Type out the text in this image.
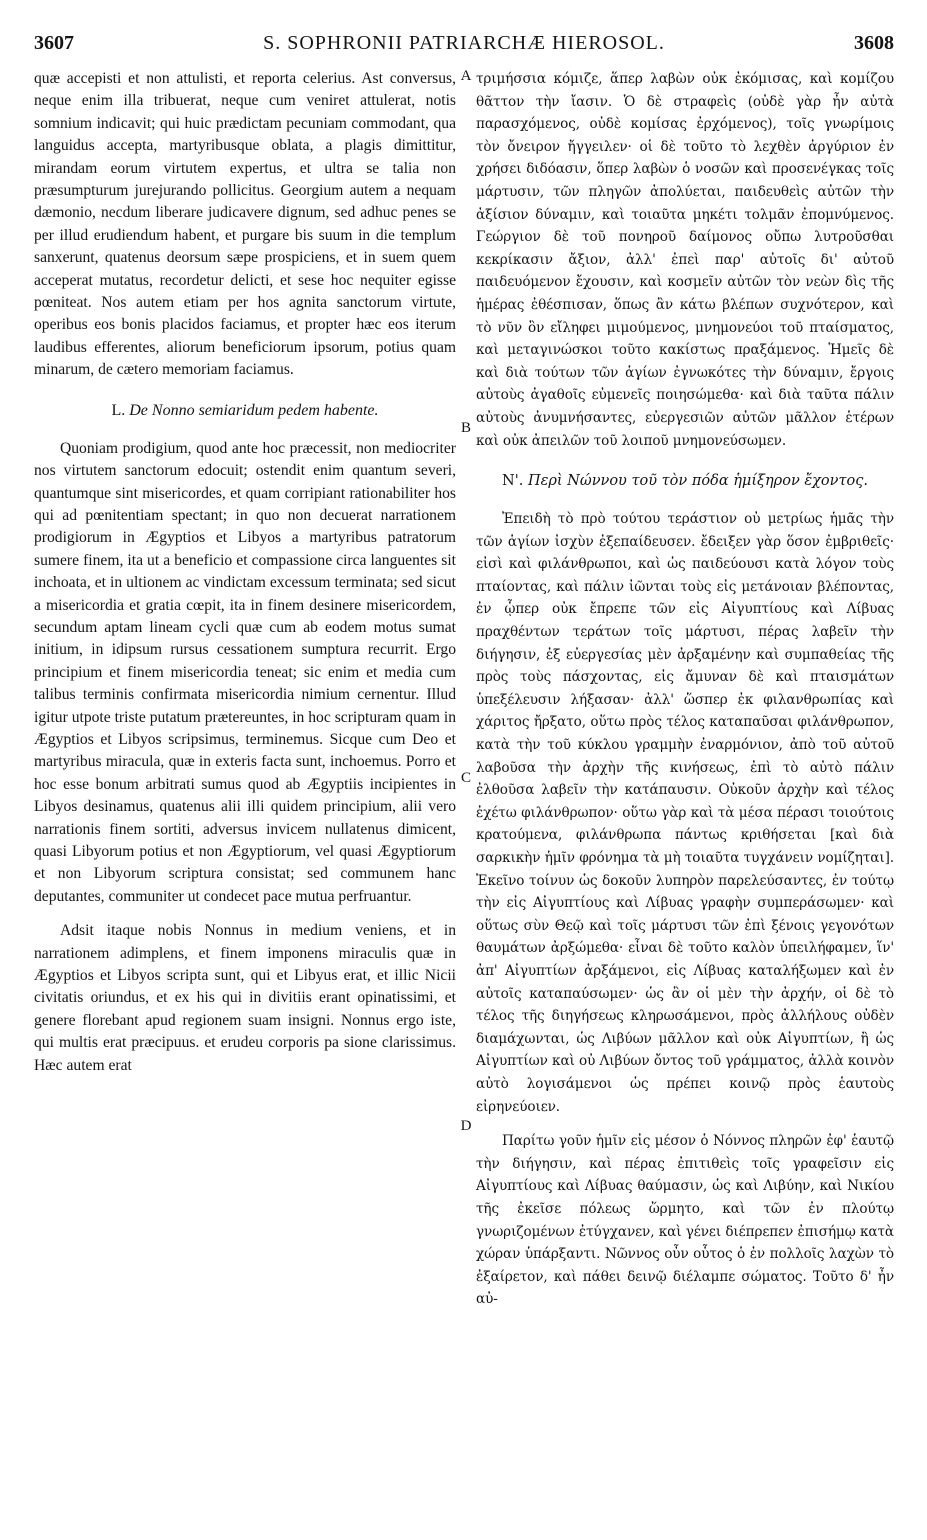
3607	S. SOPHRONII PATRIARCHÆ HIEROSOL.	3608
A
B
C
D

quæ accepisti et non attulisti, et reporta celerius. Ast conversus, neque enim illa tribuerat, neque cum veniret attulerat, notis somnium indicavit; qui huic prædictam pecuniam commodant, qua languidus accepta, martyribusque oblata, a plagis dimittitur, mirandam eorum virtutem expertus, et ultra se talia non præsumpturum jurejurando pollicitus. Georgium autem a nequam dæmonio, necdum liberare judicavere dignum, sed adhuc penes se per illud erudiendum habent, et purgare bis suum in die templum sanxerunt, quatenus deorsum sæpe prospiciens, et in suem quem acceperat mutatus, recordetur delicti, et sese hoc nequiter egisse pœniteat. Nos autem etiam per hos agnita sanctorum virtute, operibus eos bonis placidos faciamus, et propter hæc eos iterum laudibus efferentes, aliorum beneficiorum ipsorum, potius quam minarum, de cætero memoriam faciamus.

L. De Nonno semiaridum pedem habente.

Quoniam prodigium, quod ante hoc præcessit, non mediocriter nos virtutem sanctorum edocuit; ostendit enim quantum severi, quantumque sint misericordes, et quam corripiant rationabiliter hos qui ad pœnitentiam spectant; in quo non decuerat narrationem prodigiorum in Ægyptios et Libyos a martyribus patratorum sumere finem, ita ut a beneficio et compassione circa languentes sit inchoata, et in ultionem ac vindictam excessum terminata; sed sicut a misericordia et gratia cœpit, ita in finem desinere misericordem, secundum aptam lineam cycli quæ cum ab eodem motus sumat initium, in idipsum rursus cessationem sumptura recurrit. Ergo principium et finem misericordia teneat; sic enim et media cum talibus terminis confirmata misericordia nimium cernentur. Illud igitur utpote triste putatum prætereuntes, in hoc scripturam quam in Ægyptios et Libyos scripsimus, terminemus. Sicque cum Deo et martyribus miracula, quæ in exteris facta sunt, inchoemus. Porro et hoc esse bonum arbitrati sumus quod ab Ægyptiis incipientes in Libyos desinamus, quatenus alii illi quidem principium, alii vero narrationis finem sortiti, adversus invicem nullatenus dimicent, quasi Libyorum potius et non Ægyptiorum, vel quasi Ægyptiorum et non Libyorum scriptura consistat; sed communem hanc deputantes, communiter ut condecet pace mutua perfruantur.

Adsit itaque nobis Nonnus in medium veniens, et in narrationem adimplens, et finem imponens miraculis quæ in Ægyptios et Libyos scripta sunt, qui et Libyus erat, et illic Nicii civitatis oriundus, et ex his qui in divitiis erant opinatissimi, et genere florebant apud regionem suam insigni. Nonnus ergo iste, qui multis erat præcipuus. et erudeu corporis pa sione clarissimus. Hæc autem erat

τριμήσσια κόμιζε, ἅπερ λαβὼν οὐκ ἐκόμισας, καὶ κομίζου θᾶττον τὴν ἴασιν. Ὁ δὲ στραφεὶς (οὐδὲ γὰρ ἦν αὐτὰ παρασχόμενος, οὐδὲ κομίσας ἐρχόμενος), τοῖς γνωρίμοις τὸν ὄνειρον ἤγγειλεν· οἱ δὲ τοῦτο τὸ λεχθὲν ἀργύριον ἐν χρήσει διδόασιν, ὅπερ λαβὼν ὁ νοσῶν καὶ προσενέγκας τοῖς μάρτυσιν, τῶν πληγῶν ἀπολύεται, παιδευθεὶς αὐτῶν τὴν ἀξίσιον δύναμιν, καὶ τοιαῦτα μηκέτι τολμᾶν ἐπομνύμενος. Γεώργιον δὲ τοῦ πονηροῦ δαίμονος οὔπω λυτροῦσθαι κεκρίκασιν ἄξιον, ἀλλ' ἐπεὶ παρ' αὐτοῖς δι' αὐτοῦ παιδευόμενον ἔχουσιν, καὶ κοσμεῖν αὐτῶν τὸν νεὼν δὶς τῆς ἡμέρας ἐθέσπισαν, ὅπως ἂν κάτω βλέπων συχνότερον, καὶ τὸ νῦν ὂν εἴληφει μιμούμενος, μνημονεύοι τοῦ πταίσματος, καὶ μεταγινώσκοι τοῦτο κακίστως πραξάμενος. Ἡμεῖς δὲ καὶ διὰ τούτων τῶν ἁγίων ἐγνωκότες τὴν δύναμιν, ἔργοις αὐτοὺς ἀγαθοῖς εὐμενεῖς ποιησώμεθα· καὶ διὰ ταῦτα πάλιν αὐτοὺς ἀνυμνήσαντες, εὐεργεσιῶν αὐτῶν μᾶλλον ἑτέρων καὶ οὐκ ἀπειλῶν τοῦ λοιποῦ μνημονεύσωμεν.

Ν'. Περὶ Νώννου τοῦ τὸν πόδα ἡμίξηρον ἔχοντος.

Ἐπειδὴ τὸ πρὸ τούτου τεράστιον οὐ μετρίως ἡμᾶς τὴν τῶν ἁγίων ἰσχὺν ἐξεπαίδευσεν. ἔδειξεν γὰρ ὅσον ἐμβριθεῖς· εἰσὶ καὶ φιλάνθρωποι, καὶ ὡς παιδεύουσι κατὰ λόγον τοὺς πταίοντας, καὶ πάλιν ἰῶνται τοὺς εἰς μετάνοιαν βλέποντας, ἐν ᾧπερ οὐκ ἔπρεπε τῶν εἰς Αἰγυπτίους καὶ Λίβυας πραχθέντων τεράτων τοῖς μάρτυσι, πέρας λαβεῖν τὴν διήγησιν, ἐξ εὐεργεσίας μὲν ἀρξαμένην καὶ συμπαθείας τῆς πρὸς τοὺς πάσχοντας, εἰς ἄμυναν δὲ καὶ πταισμάτων ὑπεξέλευσιν λήξασαν· ἀλλ' ὥσπερ ἐκ φιλανθρωπίας καὶ χάριτος ἤρξατο, οὕτω πρὸς τέλος καταπαῦσαι φιλάνθρωπον, κατὰ τὴν τοῦ κύκλου γραμμὴν ἐναρμόνιον, ἀπὸ τοῦ αὐτοῦ λαβοῦσα τὴν ἀρχὴν τῆς κινήσεως, ἐπὶ τὸ αὐτὸ πάλιν ἐλθοῦσα λαβεῖν τὴν κατάπαυσιν. Οὐκοῦν ἀρχὴν καὶ τέλος ἐχέτω φιλάνθρωπον· οὕτω γὰρ καὶ τὰ μέσα πέρασι τοιούτοις κρατούμενα, φιλάνθρωπα πάντως κριθήσεται [καὶ διὰ σαρκικὴν ἡμῖν φρόνημα τὰ μὴ τοιαῦτα τυγχάνειν νομίζηται]. Ἐκεῖνο τοίνυν ὡς δοκοῦν λυπηρὸν παρελεύσαντες, ἐν τούτῳ τὴν εἰς Αἰγυπτίους καὶ Λίβυας γραφὴν συμπεράσωμεν· καὶ οὕτως σὺν Θεῷ καὶ τοῖς μάρτυσι τῶν ἐπὶ ξένοις γεγονότων θαυμάτων ἀρξώμεθα· εἶναι δὲ τοῦτο καλὸν ὑπειλήφαμεν, ἵν' ἀπ' Αἰγυπτίων ἀρξάμενοι, εἰς Λίβυας καταλήξωμεν καὶ ἐν αὐτοῖς καταπαύσωμεν· ὡς ἂν οἱ μὲν τὴν ἀρχήν, οἱ δὲ τὸ τέλος τῆς διηγήσεως κληρωσάμενοι, πρὸς ἀλλήλους οὐδὲν διαμάχωνται, ὡς Λιβύων μᾶλλον καὶ οὐκ Αἰγυπτίων, ἢ ὡς Αἰγυπτίων καὶ οὐ Λιβύων ὄντος τοῦ γράμματος, ἀλλὰ κοινὸν αὐτὸ λογισάμενοι ὡς πρέπει κοινῷ πρὸς ἑαυτοὺς εἰρηνεύοιεν.

Παρίτω γοῦν ἡμῖν εἰς μέσον ὁ Νόννος πληρῶν ἐφ' ἑαυτῷ τὴν διήγησιν, καὶ πέρας ἐπιτιθεὶς τοῖς γραφεῖσιν εἰς Αἰγυπτίους καὶ Λίβυας θαύμασιν, ὡς καὶ Λιβύην, καὶ Νικίου τῆς ἐκεῖσε πόλεως ὥρμητο, καὶ τῶν ἐν πλούτῳ γνωριζομένων ἐτύγχανεν, καὶ γένει διέπρεπεν ἐπισήμῳ κατὰ χώραν ὑπάρξαντι. Νῶννος οὖν οὗτος ὁ ἐν πολλοῖς λαχὼν τὸ ἐξαίρετον, καὶ πάθει δεινῷ διέλαμπε σώματος. Τοῦτο δ' ἦν αὐ-
